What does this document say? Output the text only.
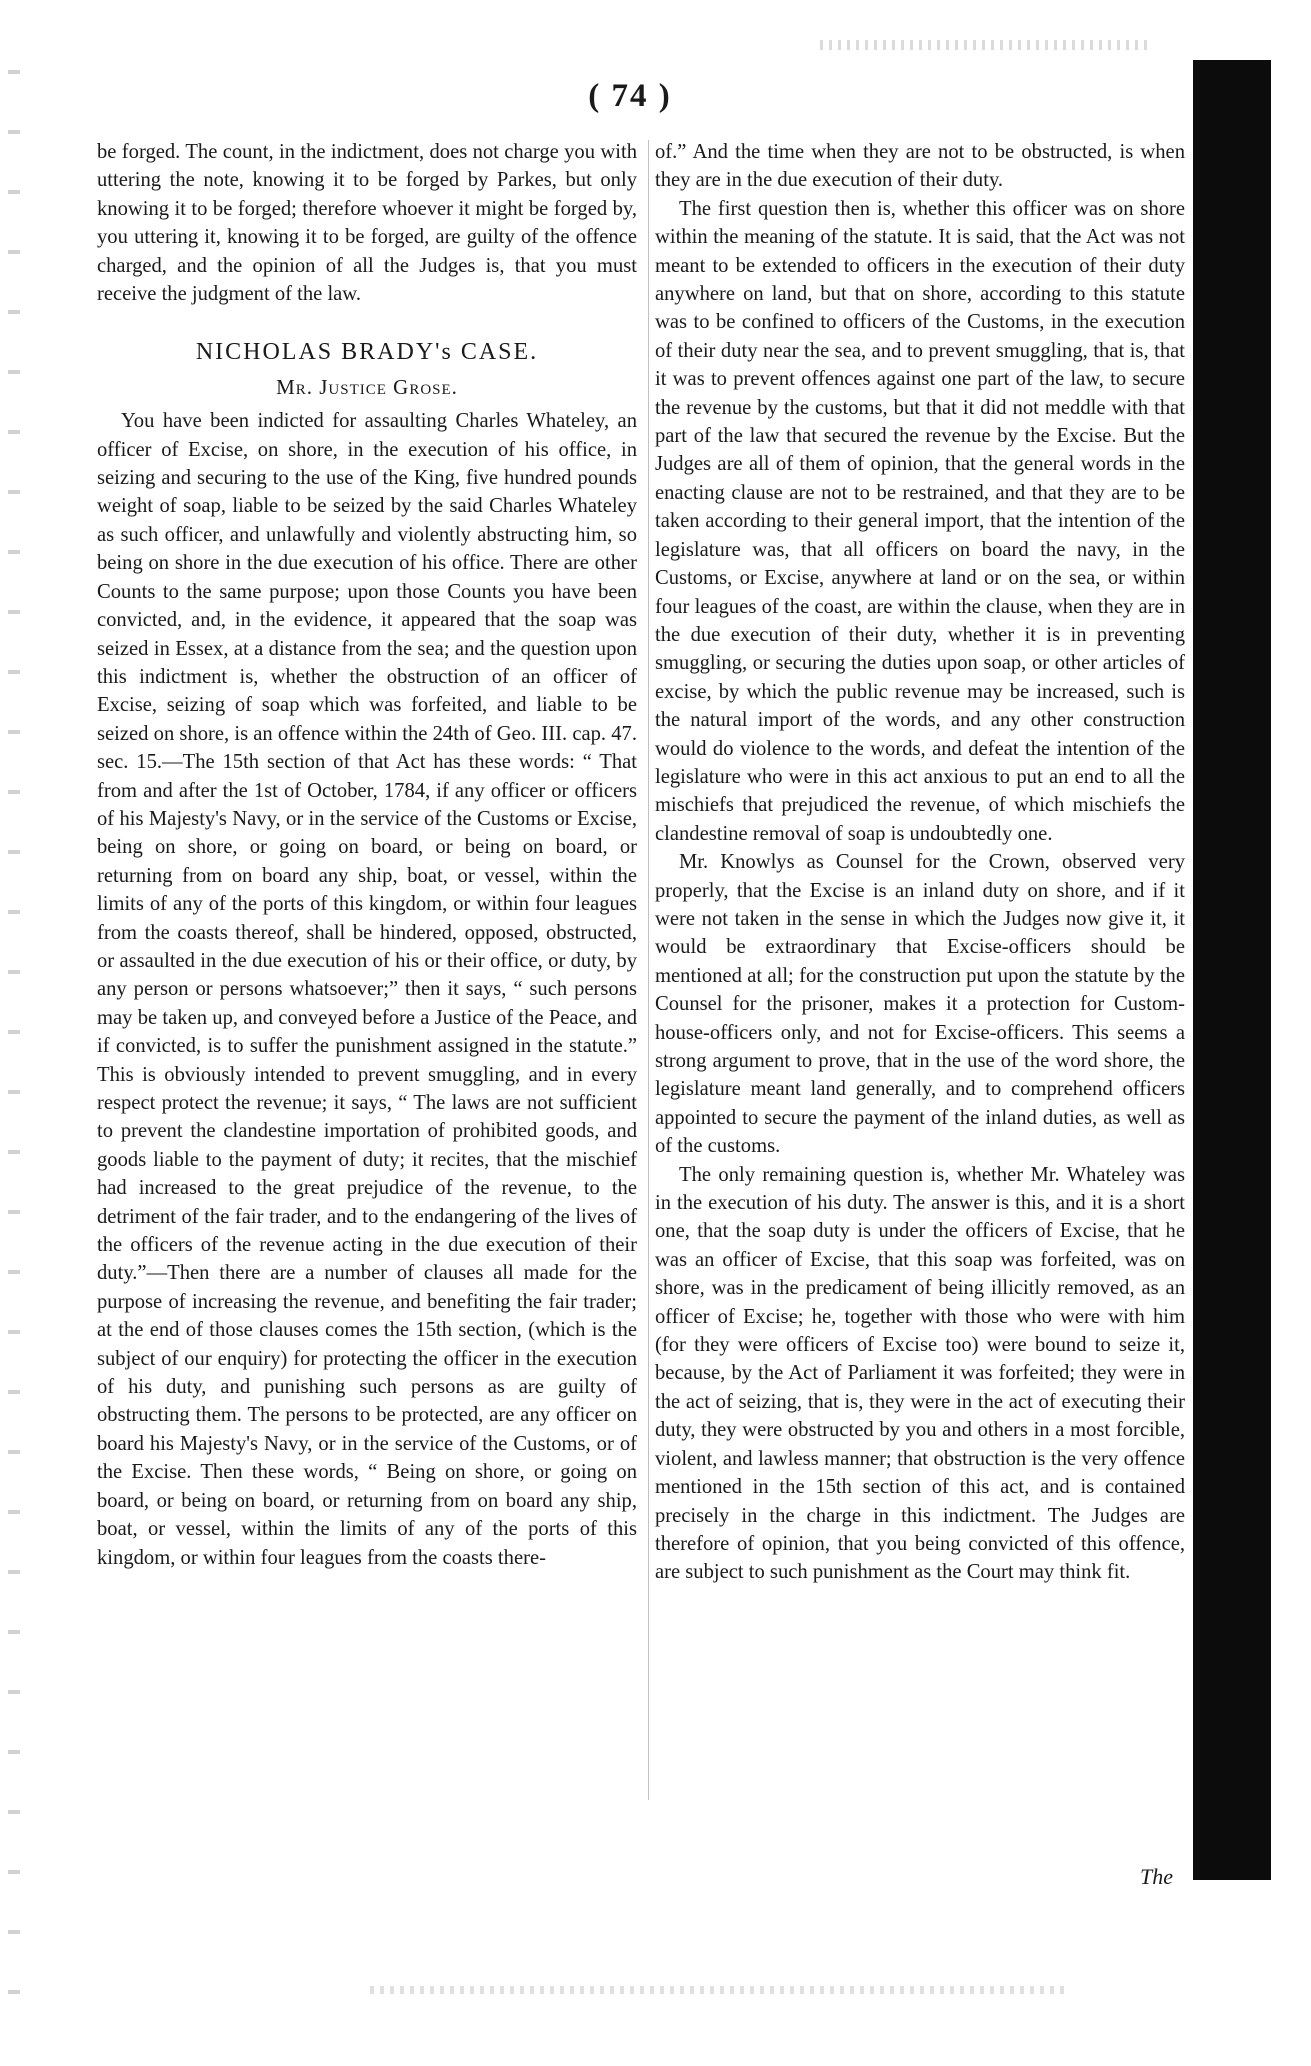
( 74 )

be forged. The count, in the indictment, does not charge you with uttering the note, knowing it to be forged by Parkes, but only knowing it to be forged; therefore whoever it might be forged by, you uttering it, knowing it to be forged, are guilty of the offence charged, and the opinion of all the Judges is, that you must receive the judgment of the law.

NICHOLAS BRADY's CASE.
Mr. Justice Grose.

You have been indicted for assaulting Charles Whateley, an officer of Excise, on shore, in the execution of his office, in seizing and securing to the use of the King, five hundred pounds weight of soap, liable to be seized by the said Charles Whateley as such officer, and unlawfully and violently abstructing him, so being on shore in the due execution of his office. There are other Counts to the same purpose; upon those Counts you have been convicted, and, in the evidence, it appeared that the soap was seized in Essex, at a distance from the sea; and the question upon this indictment is, whether the obstruction of an officer of Excise, seizing of soap which was forfeited, and liable to be seized on shore, is an offence within the 24th of Geo. III. cap. 47. sec. 15.—The 15th section of that Act has these words: “ That from and after the 1st of October, 1784, if any officer or officers of his Majesty's Navy, or in the service of the Customs or Excise, being on shore, or going on board, or being on board, or returning from on board any ship, boat, or vessel, within the limits of any of the ports of this kingdom, or within four leagues from the coasts thereof, shall be hindered, opposed, obstructed, or assaulted in the due execution of his or their office, or duty, by any person or persons whatsoever;” then it says, “ such persons may be taken up, and conveyed before a Justice of the Peace, and if convicted, is to suffer the punishment assigned in the statute.” This is obviously intended to prevent smuggling, and in every respect protect the revenue; it says, “ The laws are not sufficient to prevent the clandestine importation of prohibited goods, and goods liable to the payment of duty; it recites, that the mischief had increased to the great prejudice of the revenue, to the detriment of the fair trader, and to the endangering of the lives of the officers of the revenue acting in the due execution of their duty.”—Then there are a number of clauses all made for the purpose of increasing the revenue, and benefiting the fair trader; at the end of those clauses comes the 15th section, (which is the subject of our enquiry) for protecting the officer in the execution of his duty, and punishing such persons as are guilty of obstructing them. The persons to be protected, are any officer on board his Majesty's Navy, or in the service of the Customs, or of the Excise. Then these words, “ Being on shore, or going on board, or being on board, or returning from on board any ship, boat, or vessel, within the limits of any of the ports of this kingdom, or within four leagues from the coasts there-

of.” And the time when they are not to be obstructed, is when they are in the due execution of their duty.

The first question then is, whether this officer was on shore within the meaning of the statute. It is said, that the Act was not meant to be extended to officers in the execution of their duty anywhere on land, but that on shore, according to this statute was to be confined to officers of the Customs, in the execution of their duty near the sea, and to prevent smuggling, that is, that it was to prevent offences against one part of the law, to secure the revenue by the customs, but that it did not meddle with that part of the law that secured the revenue by the Excise. But the Judges are all of them of opinion, that the general words in the enacting clause are not to be restrained, and that they are to be taken according to their general import, that the intention of the legislature was, that all officers on board the navy, in the Customs, or Excise, anywhere at land or on the sea, or within four leagues of the coast, are within the clause, when they are in the due execution of their duty, whether it is in preventing smuggling, or securing the duties upon soap, or other articles of excise, by which the public revenue may be increased, such is the natural import of the words, and any other construction would do violence to the words, and defeat the intention of the legislature who were in this act anxious to put an end to all the mischiefs that prejudiced the revenue, of which mischiefs the clandestine removal of soap is undoubtedly one.

Mr. Knowlys as Counsel for the Crown, observed very properly, that the Excise is an inland duty on shore, and if it were not taken in the sense in which the Judges now give it, it would be extraordinary that Excise-officers should be mentioned at all; for the construction put upon the statute by the Counsel for the prisoner, makes it a protection for Custom-house-officers only, and not for Excise-officers. This seems a strong argument to prove, that in the use of the word shore, the legislature meant land generally, and to comprehend officers appointed to secure the payment of the inland duties, as well as of the customs.

The only remaining question is, whether Mr. Whateley was in the execution of his duty. The answer is this, and it is a short one, that the soap duty is under the officers of Excise, that he was an officer of Excise, that this soap was forfeited, was on shore, was in the predicament of being illicitly removed, as an officer of Excise; he, together with those who were with him (for they were officers of Excise too) were bound to seize it, because, by the Act of Parliament it was forfeited; they were in the act of seizing, that is, they were in the act of executing their duty, they were obstructed by you and others in a most forcible, violent, and lawless manner; that obstruction is the very offence mentioned in the 15th section of this act, and is contained precisely in the charge in this indictment. The Judges are therefore of opinion, that you being convicted of this offence, are subject to such punishment as the Court may think fit.

The
